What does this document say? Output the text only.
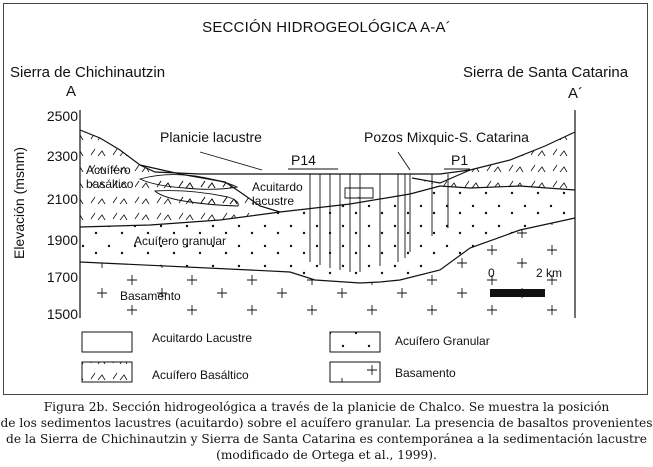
SECCIÓN HIDROGEOLÓGICA A-A´
Sierra de Chichinautzin
A
Sierra de Santa Catarina
A´
Elevación (msnm)
2500
2300
2100
1900
1700
1500
Planicie lacustre	Pozos Mixquic-S. Catarina
P14	P1
Acuífero
basáltico	Acuitardo
lacustre
Acuífero granular
Basamento
0	2 km
Acuitardo Lacustre	Acuífero Granular
Acuífero Basáltico	Basamento
Figura 2b. Sección hidrogeológica a través de la planicie de Chalco. Se muestra la posición
de los sedimentos lacustres (acuitardo) sobre el acuífero granular. La presencia de basaltos provenientes
de la Sierra de Chichinautzin y Sierra de Santa Catarina es contemporánea a la sedimentación lacustre
(modificado de Ortega et al., 1999).
